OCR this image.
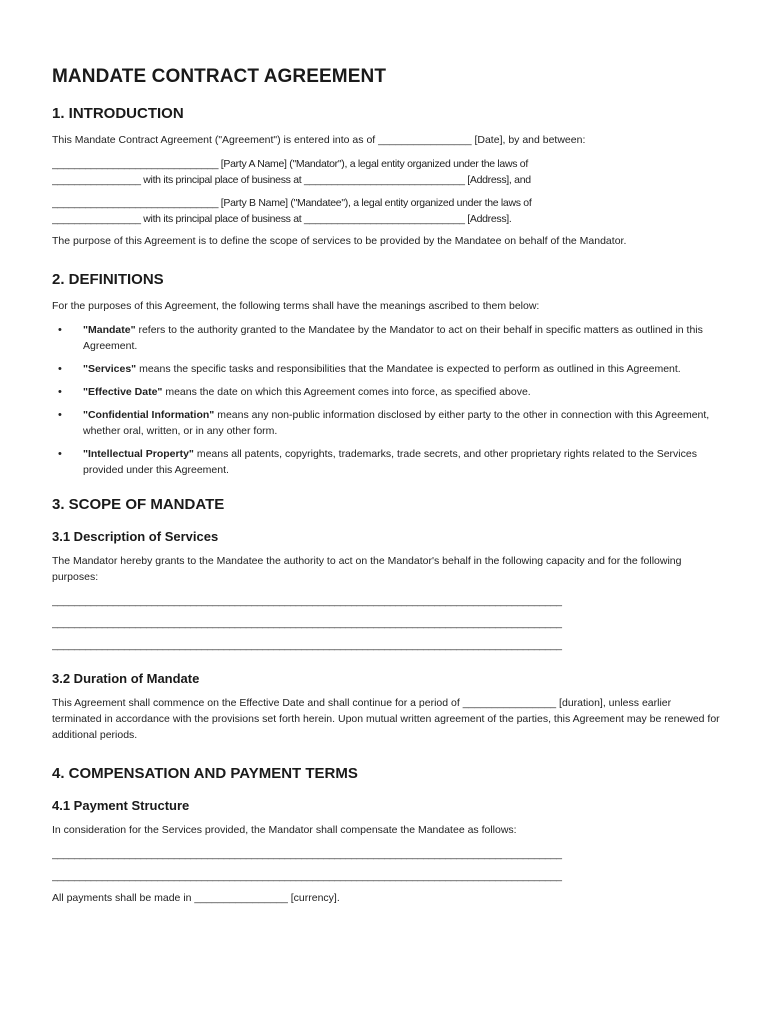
MANDATE CONTRACT AGREEMENT
1. INTRODUCTION

This Mandate Contract Agreement ("Agreement") is entered into as of ________________ [Date], by and between:

______________________________ [Party A Name] ("Mandator"), a legal entity organized under the laws of
________________ with its principal place of business at _____________________________ [Address], and
______________________________ [Party B Name] ("Mandatee"), a legal entity organized under the laws of
________________ with its principal place of business at _____________________________ [Address].

The purpose of this Agreement is to define the scope of services to be provided by the Mandatee on behalf of the Mandator.

2. DEFINITIONS

For the purposes of this Agreement, the following terms shall have the meanings ascribed to them below:

• "Mandate" refers to the authority granted to the Mandatee by the Mandator to act on their behalf in specific matters as outlined in this Agreement.
• "Services" means the specific tasks and responsibilities that the Mandatee is expected to perform as outlined in this Agreement.
• "Effective Date" means the date on which this Agreement comes into force, as specified above.
• "Confidential Information" means any non-public information disclosed by either party to the other in connection with this Agreement, whether oral, written, or in any other form.
• "Intellectual Property" means all patents, copyrights, trademarks, trade secrets, and other proprietary rights related to the Services provided under this Agreement.
3. SCOPE OF MANDATE
3.1 Description of Services

The Mandator hereby grants to the Mandatee the authority to act on the Mandator's behalf in the following capacity and for the following purposes:

____________________________________________________________________________________________
____________________________________________________________________________________________
____________________________________________________________________________________________
3.2 Duration of Mandate

This Agreement shall commence on the Effective Date and shall continue for a period of ________________ [duration], unless earlier terminated in accordance with the provisions set forth herein. Upon mutual written agreement of the parties, this Agreement may be renewed for additional periods.

4. COMPENSATION AND PAYMENT TERMS
4.1 Payment Structure

In consideration for the Services provided, the Mandator shall compensate the Mandatee as follows:

____________________________________________________________________________________________
____________________________________________________________________________________________

All payments shall be made in ________________ [currency].
